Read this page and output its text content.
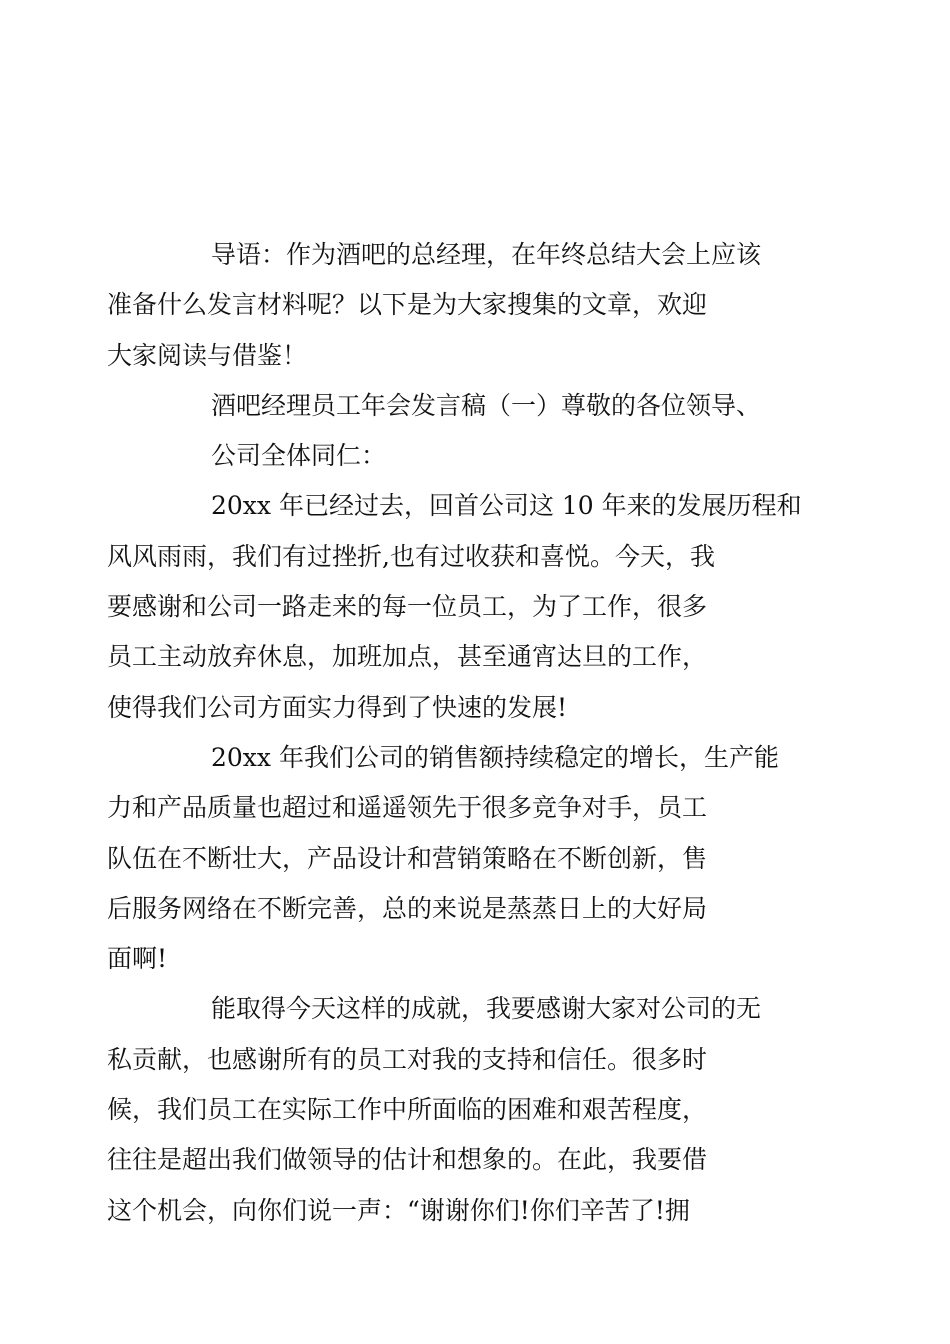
导语：作为酒吧的总经理，在年终总结大会上应该
准备什么发言材料呢？以下是为大家搜集的文章，欢迎
大家阅读与借鉴！

酒吧经理员工年会发言稿（一）尊敬的各位领导、

公司全体同仁：

20xx 年已经过去，回首公司这 10 年来的发展历程和
风风雨雨，我们有过挫折,也有过收获和喜悦。今天，我
要感谢和公司一路走来的每一位员工，为了工作，很多
员工主动放弃休息，加班加点，甚至通宵达旦的工作，
使得我们公司方面实力得到了快速的发展!

20xx 年我们公司的销售额持续稳定的增长，生产能
力和产品质量也超过和遥遥领先于很多竞争对手，员工
队伍在不断壮大，产品设计和营销策略在不断创新，售
后服务网络在不断完善，总的来说是蒸蒸日上的大好局
面啊!

能取得今天这样的成就，我要感谢大家对公司的无
私贡献，也感谢所有的员工对我的支持和信任。很多时
候，我们员工在实际工作中所面临的困难和艰苦程度，
往往是超出我们做领导的估计和想象的。在此，我要借
这个机会，向你们说一声：“谢谢你们!你们辛苦了!拥
